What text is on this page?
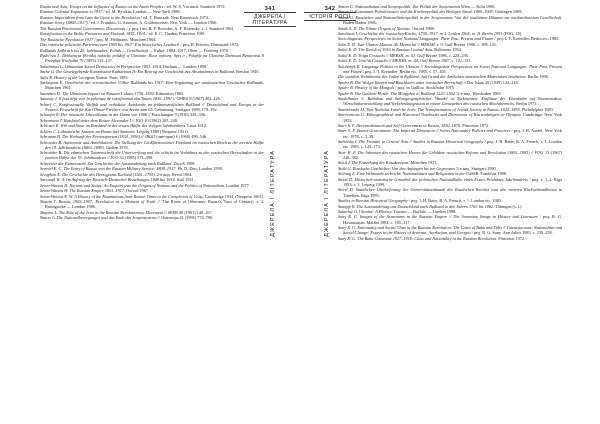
Russia and Asia: Essays on the Influence of Russia on the Asian Peoples / ed. W. S. Vucinich. Stanford 1972.

Russian Colonial Expansion to 1917 / ed. M. Rywkin. London — New York 1988.

Russian Imperialism from Ivan the Great to the Revolution / ed. T. Hunczak. New Brunswick 1974.

Russian Jewry (1860–1917) / ed. J. Frumkin, G. Aronson, A. Goldenweiser. New York — London 1966.

The Russian Provisional Government: Documents / у ред. і вп. R. P. Browder, A. F. Kerensky. t. 1. Stanford 1961.

Russification in the Baltic Provinces and Finland, 1855–1914 / ed. E. C. Thaden. Princeton 1981.

The Russische Revolution 1917 / ред. M. Hellmann. München 1964.

Das russische politische Parteienwesen 1905 bis 1907: Ein historisches Lesebuch / ред. R. Pietrow. Darmstadt 1972.

Rußlands Aufbruch ins 20. Jahrhundert: Politik — Gesellschaft — Kultur, 1894–1917. Olten — Freiburg 1970.

Rydel'nia L. Deklaracja (Krótkij nakielty polskij) w Ukrainie: Rocz wyborą: Spis o „Połąbje na Ukrainie Dariusza Beauvoisa Il Przegląd Wschodni 79 (1993) 133–137.

Sabaliunas L. Lithuanian Social Democracy in Perspective 1893–1914. Durham — London 1990.

Sacke G. Die Gesetzgebende Kommission Katharinas II: Ein Beitrag zur Geschichte des Absolutismus in Rußland. Breslau 1940.

Salis R. History of the Georgian Nation. Paris 1883.

Sarkisyanz E. Geschichte der orientalischen Völker Rußlands bis 1917: Eine Ergänzung zur ostslawischen Geschichte Rußlands. München 1961.

Saunders D. The Ukrainian Impact on Russian Culture 1750–1850. Edmonton 1985.

Saussay J. Il faut déjà voir la politique de russification des Tatars 1856–1891 // CMRS 8 (1967) 404–426.

Scharf C. Konfessionelle Vielfalt und orthodoxe Autokratie im frühneuzeitlichen Rußland // Deutschland und Europa in der Neuzeit. Festschrift für Karl Otmar Freiherr von Aretin zum 65. Geburtstag. Stuttgart 1988, 179–192.

Schaufer E. Der russische Liberalismus in der Duma von 1906 // Forschungen 9 (1930) 335–356.

Schiemann T. Russland unter dem Kaiser Alexander I // JGO 10 (1962) 205–240.

Schlöser E. Wilt und Staat im Russland in der ersten Hälfte des vorigen Jahrhunderts. Lissa 1912.

Schletz C. Lithuanische Autoren an Honta fuel Samaria. Leipzig 1889 (Neuprint 1931).

Schramm H. Die Herkunft des Fernostpoeten (1834–1956) // JBGO (омн-цим) 6 (1968) 499–546.

Schroeder B. Autonomie und Annihilation: Die Stellung der Großfürstentümer Finnland im russischen Reich in der zweiten Hälfte des 19. Jahrhunderts (1863–1899). Gießen 1976.

Schroeder B. Die ethnischen Tatarenschrift die Unterwerfung und die schicht im Verhältnis zu den russischen Herrschaften in der zweiten Hälfte des 19. Jahrhunderts // JGO 33 (1985) 371–398.

Schwester der Kamerasche Zur Geschichte der Auswanderung nach Rußland. Zürich 1988.

Senesel E. C. The Entry of Russia into the Russian Military Service, 1809–1917. Ph. D. Diss. London 1998.

Seraphim E. Die Geschichte des Herzogtums Kurland (1561–1795). 2-е вид. Reval 1904.

Sarcnapl W. A. Im Auftrag der Russisch-Deutschen Beziehungen 1848 bis 1914. Kiel 1931.

Seton-Watson H. Nations and States: An Enquiry into the Origins of Nations and the Politics of Nationalism. London 1977.

Seton-Watson H. The Russian Empire 1801–1917. Oxford 1967.

Seton-Watson R. W. A History of the Roumanians from Roman Times to the Completion of Unity. Cambridge 1934. (Neuprint 1963).

Shanin T. Russia, 1905–1907: Revolution as a Moment of Truth // 'The Roots of Otherness: Russia's Turn of Century', т. 2. Basingstoke — London 1986.

Shapiro L. The Role of the Jews in the Russian Revolutionary Movement // SEER 40 (1961) 148–167.

Simon G. Die Nationalbewegungen und das Ende des Sowjetsystems // Osteuropa 41 (1991) 774–790.

341
ДЖЕРЕЛА І ЛІТЕРАТУРА
ДЖЕРЕЛА І ЛІТЕРАТУРА
342
ІСТОРІЯ РОСІЇ
ДЖЕРЕЛА І ЛІТЕРАТУРА

Simon G. Nationalismus und Sowjetpolitik: Zur Politik der Sowjetunion Wien — Köln 1986.

Simon G. Konstantin Pobedonoscev und die Kirchenpolitik des Heiligen Sinod, 1880–1905. Göttingen 1969.

Simon G. Russischer und Nationalitätenpolitik in der Sowjetunion: Von der totalitären Diktatur zur nachstalinschen Gesellschaft. Baden-Baden 1986.

Smith A. D. The Ethnic Origins of Nations. Oxford 1986.

Smolitsch I. Geschichte der russischen Kirche, 1700–1917, т. I. Leiden 1964; т. II. Berlin 1991 (FOG, 45).

Sociolinguistic Perspectives on Soviet National Languages: Their Past, Present and Future / ред. I. T. Kreindler. Berlin etc. 1985.

Solzi E. D. Tsar Ulanov Mansur Ali Memorial // MERSH, т. 9. Gulf Breeze 1998, с. 108–141.

Sokol E. D. The Revolt of 1916 in Russian Central Asia. Baltimore 1954.

Sokol E. D. Volga Cossacks // MERSH, т. 43. Gulf Breeze 1986, с. 228–236.

Sokol E. D. Ural'sk Cossacks // MERSH, т. 44. Gulf Breeze 1987, с. 141–151.

Solchanyk R. Language Politics in the Ukraine // Sociolinguistic Perspectives on Soviet National Languages: Their Past, Present and Future / ред. I. T. Kreindler. Berlin etc. 1985, с. 57–105.

Die sozialen Verhältnisse der Juden in Rußland: Auf Grund der Amtlichen statistischen Materialien bearbeitet. Berlin 1906.

Spuler B. Die Wolga-Tataren und Baschkiren unter russischer Herrschaft // Der Islam 29 (1949) 142–216.

Spuler B. History of the Mongols / вид. за Guillou. Stockholm 1975.

Spuler B. Die Goldene Horde: Die Mongolen in Rußland 1223–1502. 2-е вид. Wiesbaden 1965.

Stadelbauer J. Bahnbau und kulturgeographischer Wandel in Turkmenien: Einflüsse der Eisenbahn auf Raumstruktur, Wirtschaftsentwicklung und Verkehrsintegration in einem Grenzgebiet des russischen Machtbereichs. Berlin 1973.

Stanislawski M. Tsar Nicholas I and the Jews: The Transformation of Jewish Society in Russia, 1825–1855. Philadelphia 1983.

Starovoitova G. Ethnographical and Historical Notebooks and Documents of Würtembergers in Olympia. Cambridge. New York 1953.

Starr S. F. Decentralization and Self-Government in Russia, 1830–1870. Princeton 1972.

Starr S. F. Tsarist Government: The Imperial Dimension // Soviet Nationality Policies and Practices / ред. J. R. Azrael. New York etc. 1978, с. 3–38.

Stebelsky I. The Frontier in Central Asia // Studies in Russian Historical Geography / ред. J. H. Bater, R. A. French, т. 1. London etc. 1983, с. 143–173.

Stier H. F. Die Adressen des russischen Heeres für Gebildete russischen Reform und Revolution (1861–1905) // FOG 13 (1967) 246–382.

Stöck I. Die Entstehung der Kosakentums. München 1953.

Stöki G. Russische Geschichte: Von den Anfängen bis zur Gegenwart 5-е вид. Stuttgart 1990.

Stölting E. Eine Weltmacht zerbricht: Nationalitäten und Religionen in der UdSSR. Frankfurt 1990.

Strezl D. Historisch-statistische Grundriß der polnischen Nationalkulte eines Erstes Produktes Jahrhunderts / ред. т. 1–2. Riga 1993; т. 3. Leipzig 1999.

Strezl D. Staatlicher Überlieferung der Universitätsenkunde des Russischen Reiches vom den neueren Rückwirkendheiten in Tubelben. Riga 1995.

Studies in Russian Historical Geography / ред. J. H. Bater, R. A. French, т. 1. London etc. 1983.

Stumpp K. Die Auswanderung aus Deutschland nach Rußland in den Jahren 1763 bis 1862. Tübingen [s. l.].

Subtelny O. Ukraine: A History. Toronto — Buffalo — London 1988.

Suny R. G. Images of the Armenians in the Russian Empire // The Armenian Image in History and Literature / ред. R. G. Hovannisian. Malibu 1981, с. 105–137.

Suny R. G. Nationality and Social Class in the Russian Revolution: The Cases of Baku and Tiflis // Transcaucasia: Nationalism and Social Change: Essays in the History of Armenia, Azerbaijan, and Georgia / ред. R. G. Suny. Ann Arbor 1983, с. 239–258.

Suny R. G. The Baku Commune 1917–1918: Class and Nationality in the Russian Revolution. Princeton 1972.
